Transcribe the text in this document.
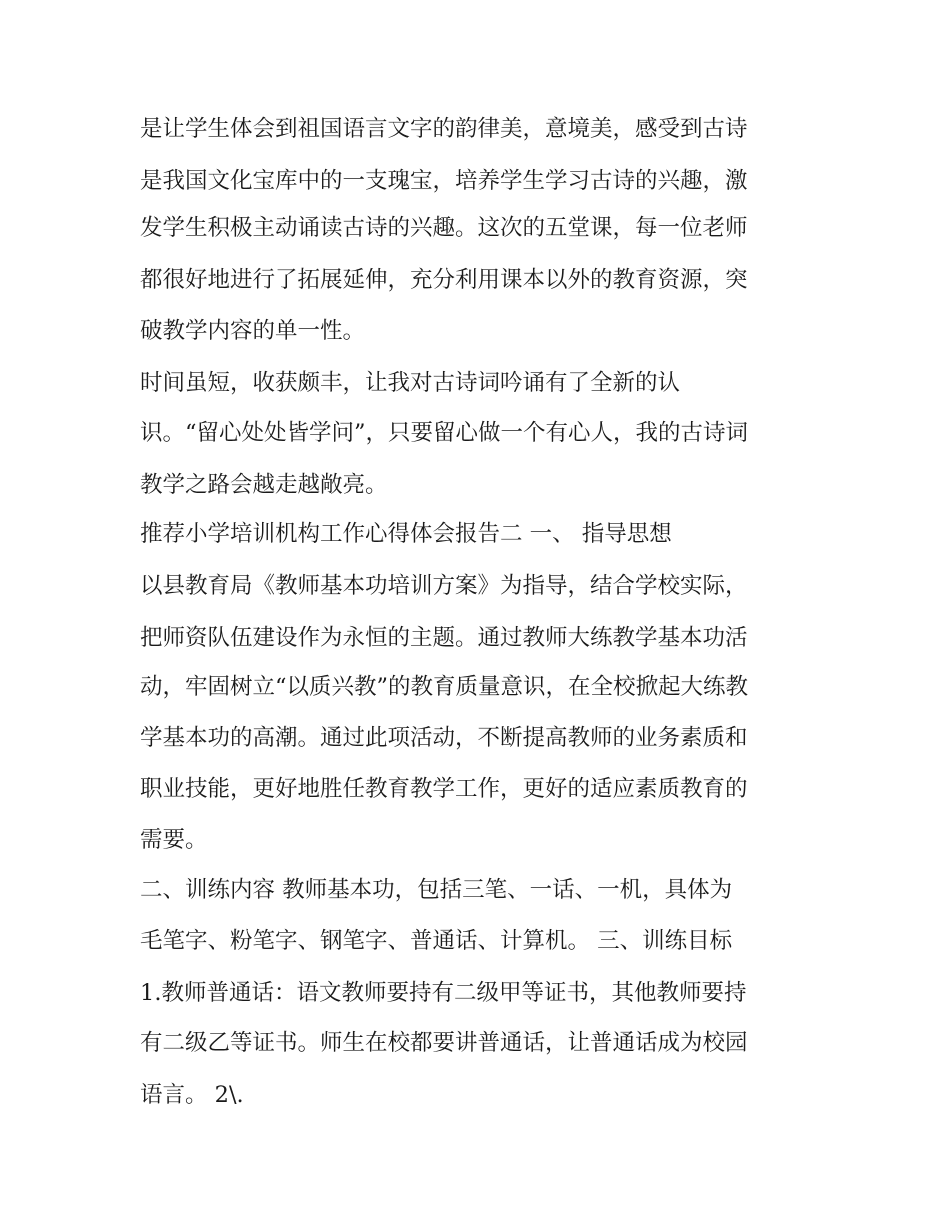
是让学生体会到祖国语言文字的韵律美，意境美，感受到古诗

是我国文化宝库中的一支瑰宝，培养学生学习古诗的兴趣，激

发学生积极主动诵读古诗的兴趣。这次的五堂课，每一位老师

都很好地进行了拓展延伸，充分利用课本以外的教育资源，突

破教学内容的单一性。

时间虽短，收获颇丰，让我对古诗词吟诵有了全新的认

识。“留心处处皆学问”，只要留心做一个有心人，我的古诗词

教学之路会越走越敞亮。

推荐小学培训机构工作心得体会报告二 一、 指导思想

以县教育局《教师基本功培训方案》为指导，结合学校实际，

把师资队伍建设作为永恒的主题。通过教师大练教学基本功活

动，牢固树立“以质兴教”的教育质量意识，在全校掀起大练教

学基本功的高潮。通过此项活动，不断提高教师的业务素质和

职业技能，更好地胜任教育教学工作，更好的适应素质教育的

需要。

二、训练内容 教师基本功，包括三笔、一话、一机，具体为

毛笔字、粉笔字、钢笔字、普通话、计算机。 三、训练目标

1.教师普通话：语文教师要持有二级甲等证书，其他教师要持

有二级乙等证书。师生在校都要讲普通话，让普通话成为校园

语言。 2\.
